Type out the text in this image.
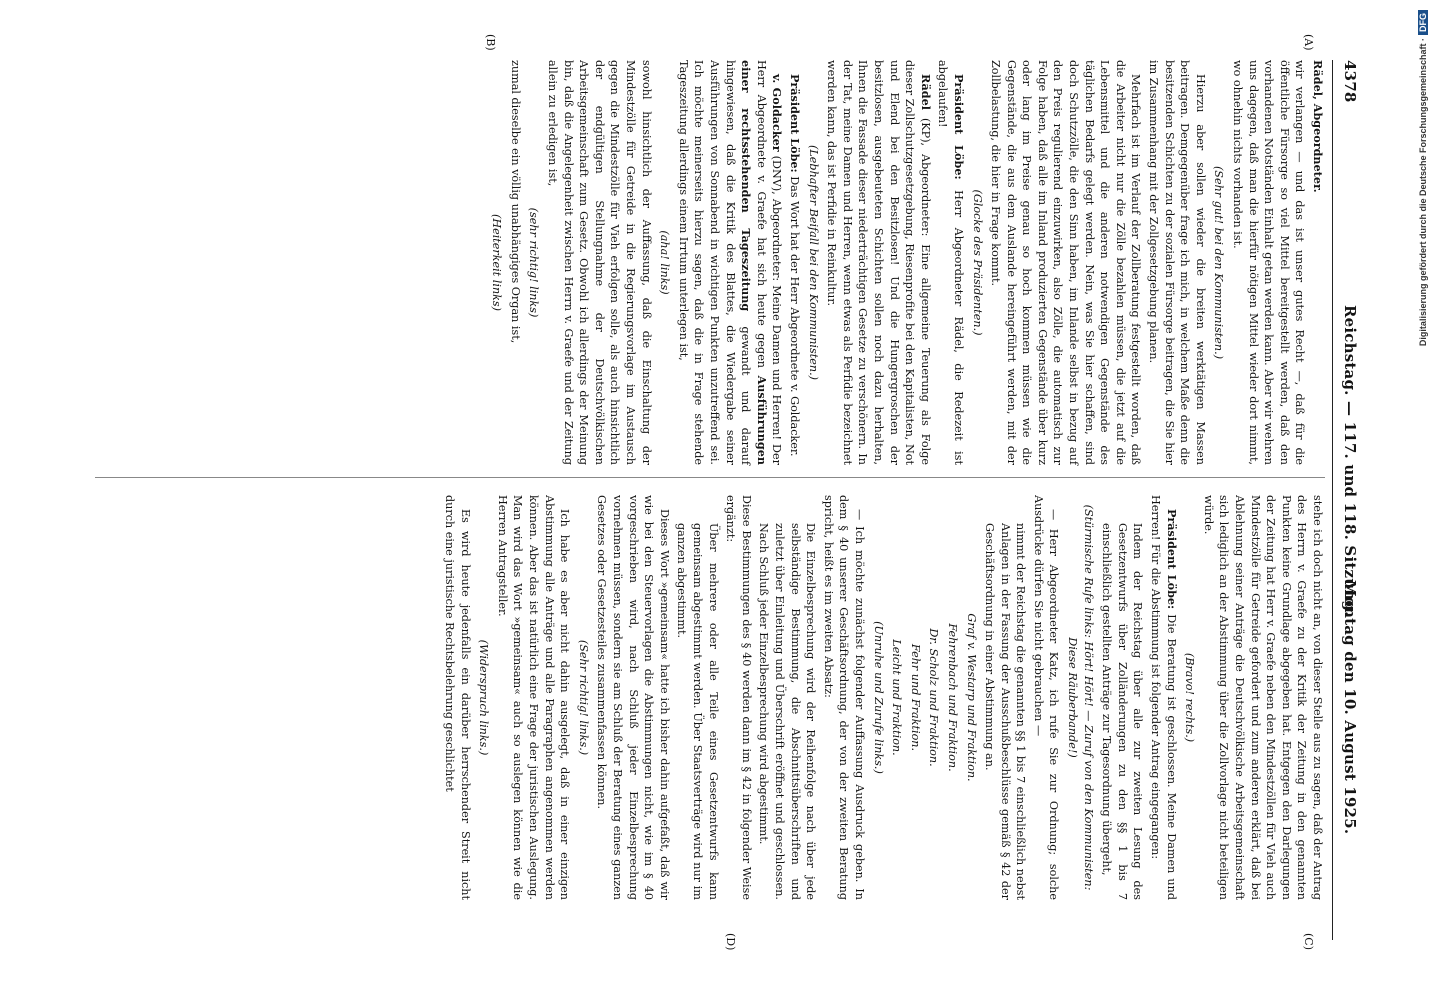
4378
Reichstag. — 117. und 118. Sitzung.
Montag den 10. August 1925.
(A)
(B)
(C)
(D)

Rädel, Abgeordneter.

wir verlangen — und das ist unser gutes Recht —, daß für die öffentliche Fürsorge so viel Mittel bereitgestellt werden, daß den vorhandenen Notständen Einhalt getan werden kann. Aber wir wehren uns dagegen, daß man die hierfür nötigen Mittel wieder dort nimmt, wo ohnehin nichts vorhanden ist.

(Sehr gut! bei den Kommunisten.)

Hierzu aber sollen wieder die breiten werktätigen Massen beitragen. Demgegenüber frage ich mich, in welchem Maße denn die besitzenden Schichten zu der sozialen Fürsorge beitragen, die Sie hier im Zusammenhang mit der Zollgesetzgebung planen.

Mehrfach ist im Verlauf der Zollberatung festgestellt worden, daß die Arbeiter nicht nur die Zölle bezahlen müssen, die jetzt auf die Lebensmittel und die anderen notwendigen Gegenstände des täglichen Bedarfs gelegt werden. Nein, was Sie hier schaffen, sind doch Schutzzölle, die den Sinn haben, im Inlande selbst in bezug auf den Preis regulierend einzuwirken, also Zölle, die automatisch zur Folge haben, daß alle im Inland produzierten Gegenstände über kurz oder lang im Preise genau so hoch kommen müssen wie die Gegenstände, die aus dem Auslande hereingeführt werden, mit der Zollbelastung, die hier in Frage kommt.

(Glocke des Präsidenten.)

Präsident Löbe: Herr Abgeordneter Rädel, die Redezeit ist abgelaufen!

Rädel (KP), Abgeordneter: Eine allgemeine Teuerung als Folge dieser Zollschutzgesetzgebung, Riesenprofite bei den Kapitalisten, Not und Elend bei den Besitzlosen! Und die Hungergroschen der besitzlosen, ausgebeuteten Schichten sollen noch dazu herhalten, Ihnen die Fassade dieser niederträchtigen Gesetze zu verschönern. In der Tat, meine Damen und Herren, wenn etwas als Perfidie bezeichnet werden kann, das ist Perfidie in Reinkultur.

(Lebhafter Beifall bei den Kommunisten.)

Präsident Löbe: Das Wort hat der Herr Abgeordnete v. Goldacker.

v. Goldacker (DNV), Abgeordneter: Meine Damen und Herren! Der Herr Abgeordnete v. Graefe hat sich heute gegen Ausführungen einer rechtsstehenden Tageszeitung gewandt und darauf hingewiesen, daß die Kritik des Blattes, die Wiedergabe seiner Ausführungen von Sonnabend in wichtigen Punkten unzutreffend sei. Ich möchte meinerseits hierzu sagen, daß die in Frage stehende Tageszeitung allerdings einem Irrtum unterlegen ist,

(aha! links)

sowohl hinsichtlich der Auffassung, daß die Einschaltung der Mindestzölle für Getreide in die Regierungsvorlage im Austausch gegen die Mindestzölle für Vieh erfolgen solle, als auch hinsichtlich der endgültigen Stellungnahme der Deutschvölkischen Arbeitsgemeinschaft zum Gesetz. Obwohl ich allerdings der Meinung bin, daß die Angelegenheit zwischen Herrn v. Graefe und der Zeitung allein zu erledigen ist,

(sehr richtig! links)

zumal dieselbe ein völlig unabhängiges Organ ist,

(Heiterkeit links)

stehe ich doch nicht an, von dieser Stelle aus zu sagen, daß der Antrag des Herrn v. Graefe zu der Kritik der Zeitung in den genannten Punkten keine Grundlage abgegeben hat. Entgegen den Darlegungen der Zeitung hat Herr v. Graefe neben den Mindestzöllen für Vieh auch Mindestzölle für Getreide gefordert und zum anderen erklärt, daß bei Ablehnung seiner Anträge die Deutschvölkische Arbeitsgemeinschaft sich lediglich an der Abstimmung über die Zollvorlage nicht beteiligen würde.

(Bravo! rechts.)

Präsident Löbe: Die Beratung ist geschlossen. Meine Damen und Herren! Für die Abstimmung ist folgender Antrag eingegangen:

Indem der Reichstag über alle zur zweiten Lesung des Gesetzentwurfs über Zolländerungen zu den §§ 1 bis 7 einschließlich gestellten Anträge zur Tagesordnung übergeht,

(Stürmische Rufe links: Hört! Hört! — Zuruf von den Kommunisten: Diese Räuberbande!)

— Herr Abgeordneter Katz, ich rufe Sie zur Ordnung; solche Ausdrücke dürfen Sie nicht gebrauchen —

nimmt der Reichstag die genannten §§ 1 bis 7 einschließlich nebst Anlagen in der Fassung der Ausschußbeschlüsse gemäß § 42 der Geschäftsordnung in einer Abstimmung an.

Graf v. Westarp und Fraktion.

Fehrenbach und Fraktion.

Dr. Scholz und Fraktion.

Fehr und Fraktion.

Leicht und Fraktion.

(Unruhe und Zurufe links.)

— Ich möchte zunächst folgender Auffassung Ausdruck geben. In dem § 40 unserer Geschäftsordnung, der von der zweiten Beratung spricht, heißt es im zweiten Absatz:

Die Einzelbesprechung wird der Reihenfolge nach über jede selbständige Bestimmung, die Abschnittsüberschriften und zuletzt über Einleitung und Überschrift eröffnet und geschlossen. Nach Schluß jeder Einzelbesprechung wird abgestimmt.

Diese Bestimmungen des § 40 werden dann im § 42 in folgender Weise ergänzt:

Über mehrere oder alle Teile eines Gesetzentwurfs kann gemeinsam abgestimmt werden. Über Staatsverträge wird nur im ganzen abgestimmt.

Dieses Wort »gemeinsam« hatte ich bisher dahin aufgefaßt, daß wir wie bei den Steuervorlagen die Abstimmungen nicht, wie im § 40 vorgeschrieben wird, nach Schluß jeder Einzelbesprechung vornehmen müssen, sondern sie am Schluß der Beratung eines ganzen Gesetzes oder Gesetzesteiles zusammenfassen können.

(Sehr richtig! links.)

Ich habe es aber nicht dahin ausgelegt, daß in einer einzigen Abstimmung alle Anträge und alle Paragraphen angenommen werden können. Aber das ist natürlich eine Frage der juristischen Auslegung. Man wird das Wort »gemeinsam« auch so auslegen können wie die Herren Antragsteller.

(Widerspruch links.)

Es wird heute jedenfalls ein darüber herrschender Streit nicht durch eine juristische Rechtsbelehrung geschlichtet

Digitalisierung gefördert durch die Deutsche Forschungsgemeinschaft ·DFG
